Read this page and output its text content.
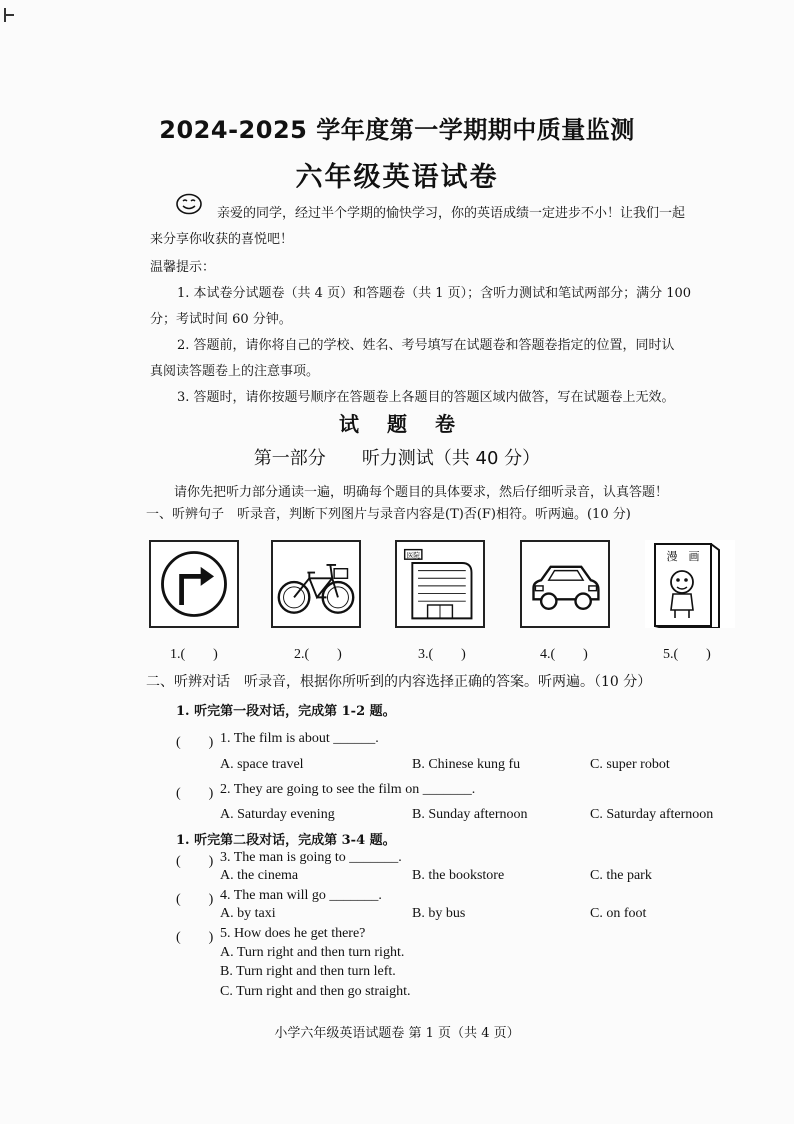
2024-2025 学年度第一学期期中质量监测
六年级英语试卷
亲爱的同学，经过半个学期的愉快学习，你的英语成绩一定进步不小！让我们一起
来分享你收获的喜悦吧！
温馨提示：
1. 本试卷分试题卷（共 4 页）和答题卷（共 1 页）；含听力测试和笔试两部分；满分 100
分；考试时间 60 分钟。
2. 答题前，请你将自己的学校、姓名、考号填写在试题卷和答题卷指定的位置，同时认
真阅读答题卷上的注意事项。
3. 答题时，请你按题号顺序在答题卷上各题目的答题区域内做答，写在试题卷上无效。
试题卷
第一部分 听力测试（共 40 分）
请你先把听力部分通读一遍，明确每个题目的具体要求，然后仔细听录音，认真答题！
一、听辨句子　听录音，判断下列图片与录音内容是(T)否(F)相符。听两遍。(10 分)
医院	漫　画
1.(　　)	2.(　　)	3.(　　)	4.(　　)	5.(　　)
二、听辨对话　听录音，根据你所听到的内容选择正确的答案。听两遍。（10 分）
1. 听完第一段对话，完成第 1-2 题。
(　　) 1. The film is about ______.
A. space travel	B. Chinese kung fu	C. super robot
(　　) 2. They are going to see the film on _______.
A. Saturday evening	B. Sunday afternoon	C. Saturday afternoon
1. 听完第二段对话，完成第 3-4 题。
(　　) 3. The man is going to _______.
A. the cinema	B. the bookstore	C. the park
(　　) 4. The man will go _______.
A. by taxi	B. by bus	C. on foot
(　　) 5. How does he get there?
A. Turn right and then turn right.
B. Turn right and then turn left.
C. Turn right and then go straight.
小学六年级英语试题卷 第 1 页（共 4 页）
